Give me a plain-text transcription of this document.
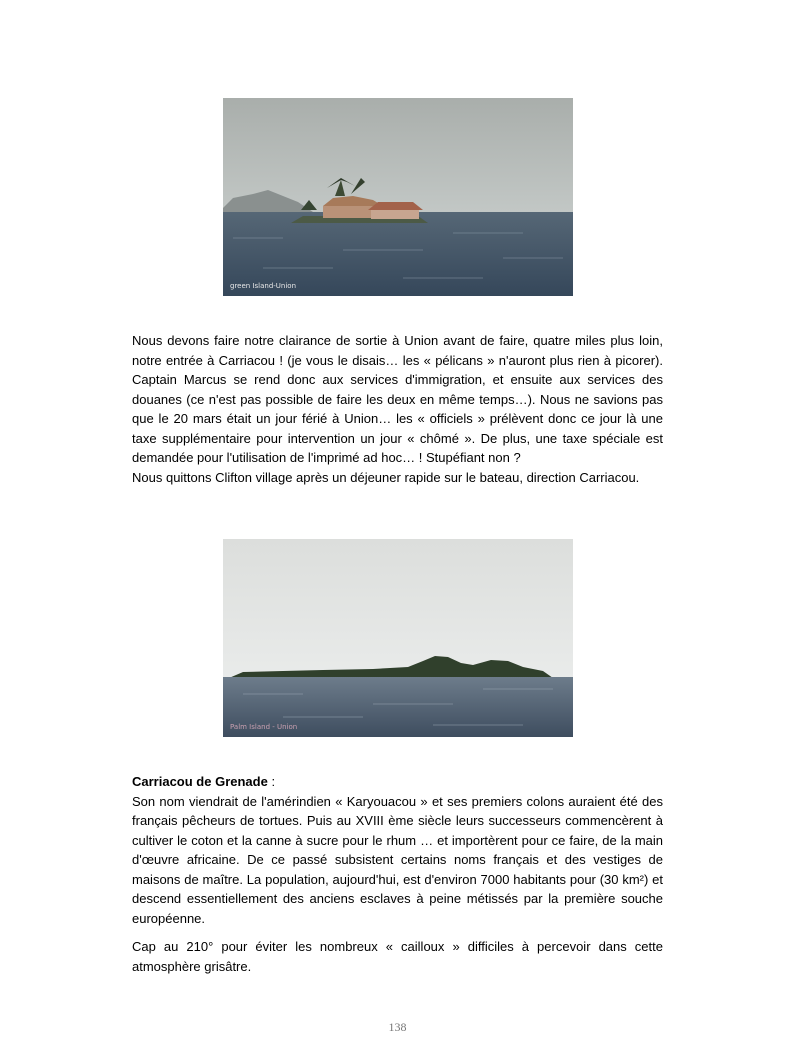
green Island-Union

Nous devons faire notre clairance de sortie à Union avant de faire, quatre miles plus loin, notre entrée à Carriacou ! (je vous le disais… les « pélicans » n'auront plus rien à picorer). Captain Marcus se rend donc aux services d'immigration, et ensuite aux services des douanes (ce n'est pas possible de faire les deux en même temps…). Nous ne savions pas que le 20 mars était un jour férié à Union… les « officiels » prélèvent donc ce jour là une taxe supplémentaire pour intervention un jour « chômé ». De plus, une taxe spéciale est demandée pour l'utilisation de l'imprimé ad hoc… ! Stupéfiant non ?

Nous quittons Clifton village après un déjeuner rapide sur le bateau, direction Carriacou.

Palm Island - Union

Carriacou de Grenade :

Son nom viendrait de l'amérindien « Karyouacou » et ses premiers colons auraient été des français pêcheurs de tortues. Puis au XVIII ème siècle leurs successeurs commencèrent à cultiver le coton et la canne à sucre pour le rhum … et importèrent pour ce faire, de la main d'œuvre africaine. De ce passé subsistent certains noms français et des vestiges de maisons de maître. La population, aujourd'hui, est d'environ 7000 habitants pour (30 km²) et descend essentiellement des anciens esclaves à peine métissés par la première souche européenne.

Cap au 210° pour éviter les nombreux « cailloux » difficiles à percevoir dans cette atmosphère grisâtre.

138
